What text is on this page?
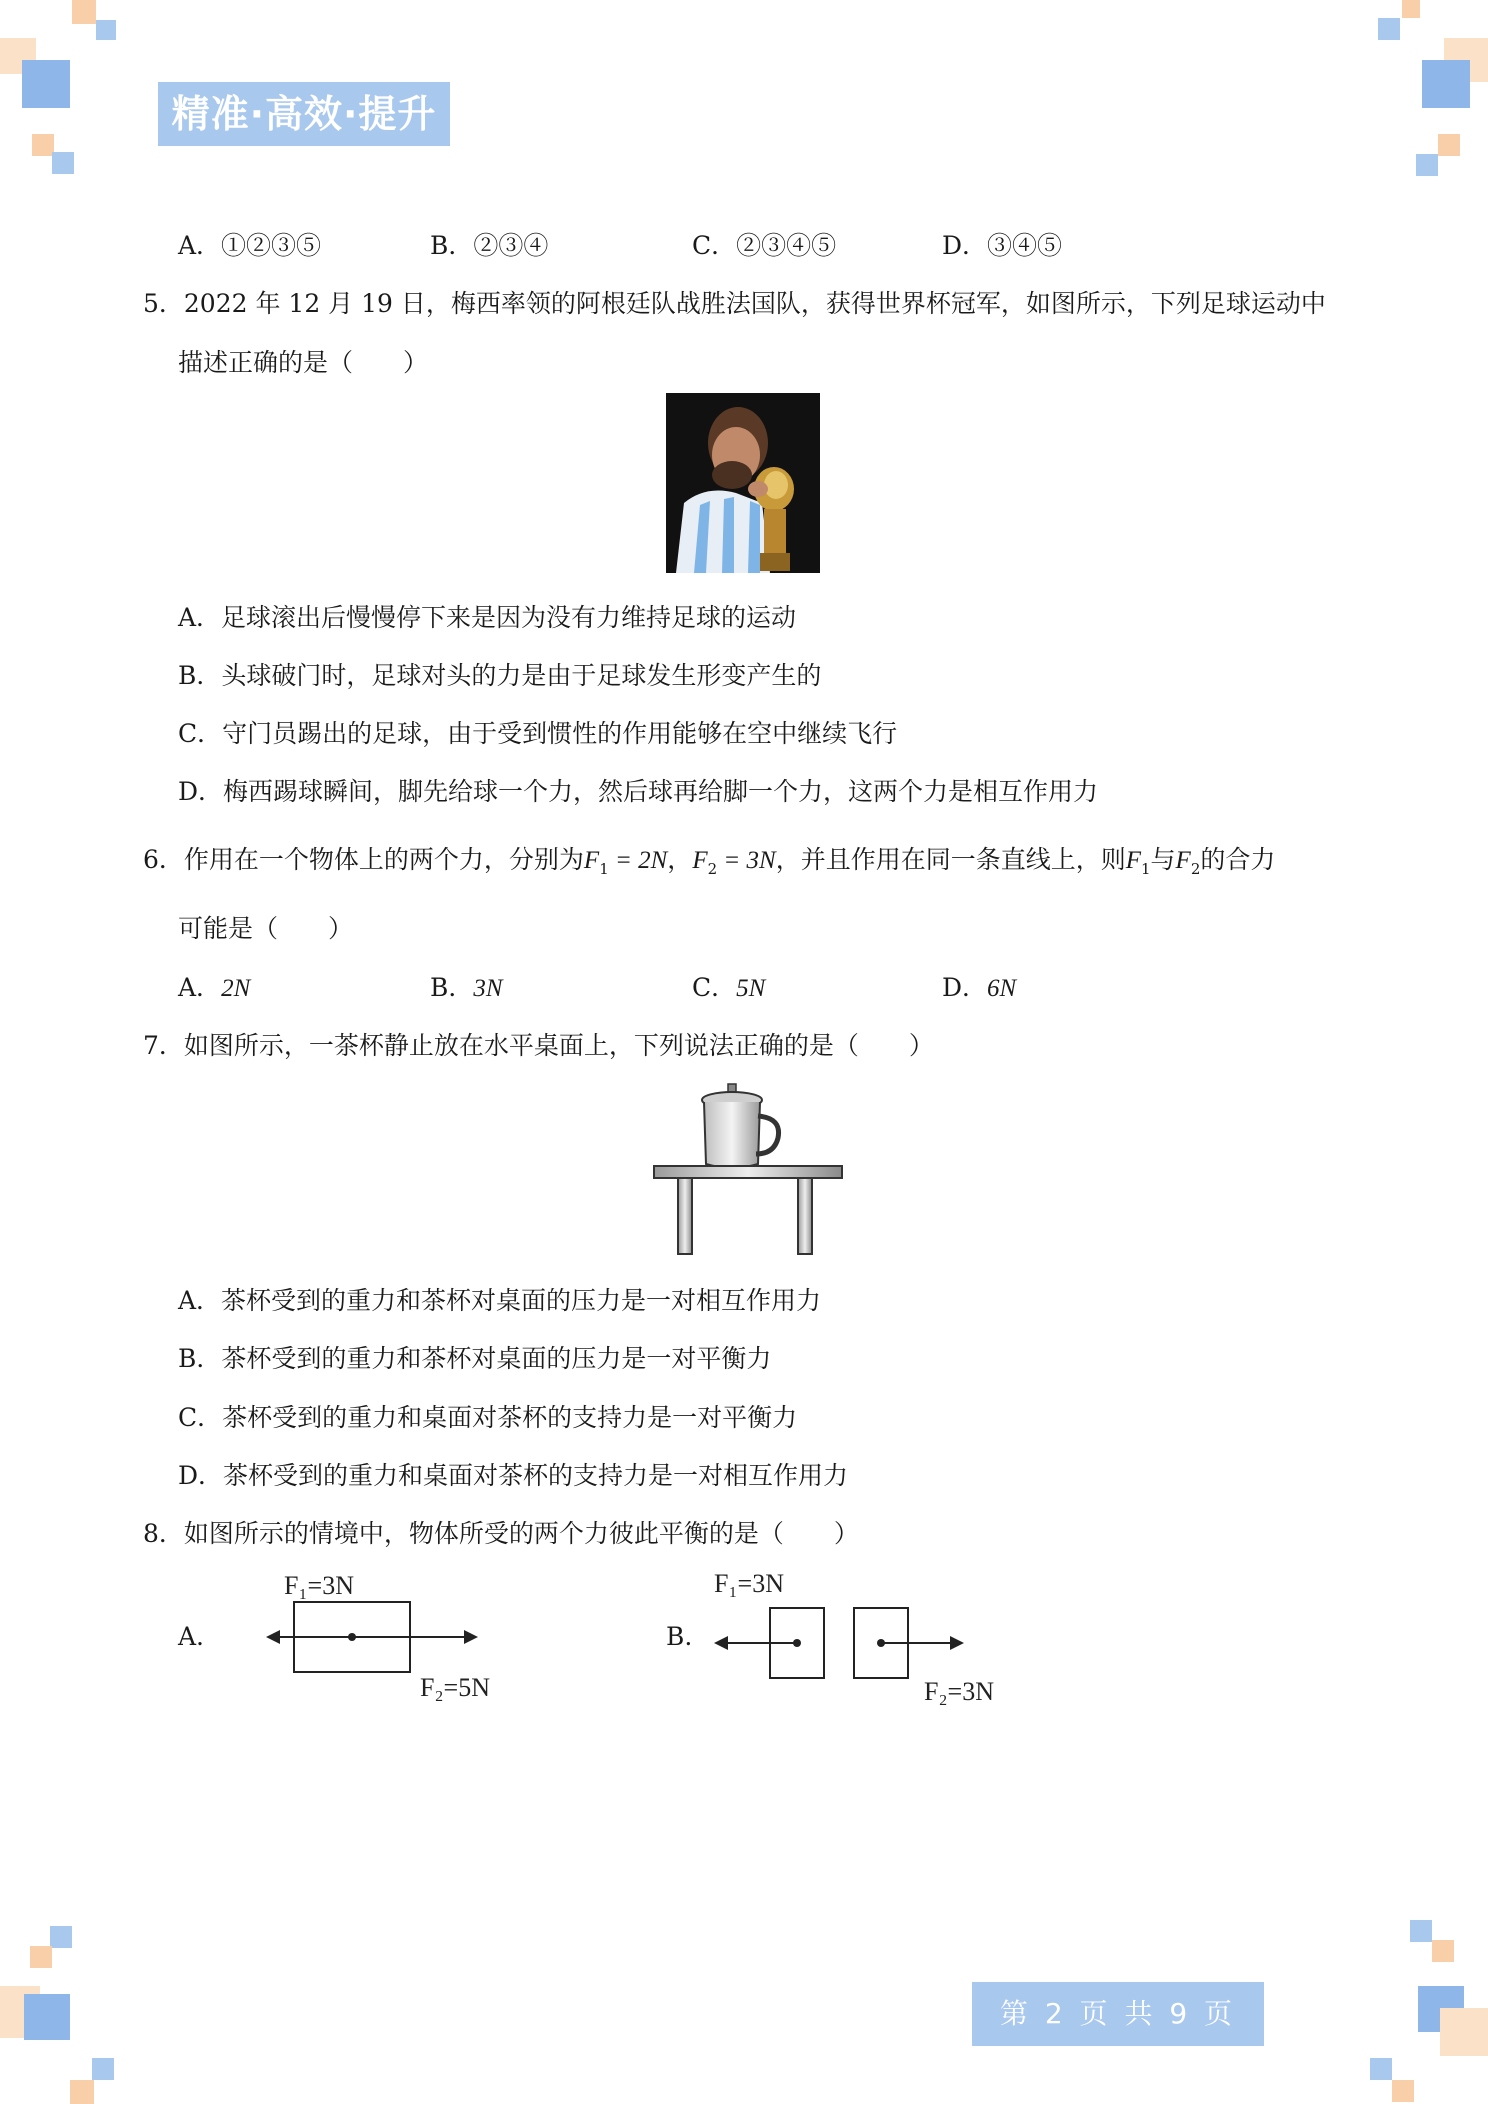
精准·高效·提升
A．①②③⑤	B．②③④	C．②③④⑤	D．③④⑤
5．2022 年 12 月 19 日，梅西率领的阿根廷队战胜法国队，获得世界杯冠军，如图所示，下列足球运动中
描述正确的是（　　）
A．足球滚出后慢慢停下来是因为没有力维持足球的运动
B．头球破门时，足球对头的力是由于足球发生形变产生的
C．守门员踢出的足球，由于受到惯性的作用能够在空中继续飞行
D．梅西踢球瞬间，脚先给球一个力，然后球再给脚一个力，这两个力是相互作用力
6．作用在一个物体上的两个力，分别为$F_1 = 2N$，$F_2 = 3N$，并且作用在同一条直线上，则$F_1$与$F_2$的合力
可能是（　　）
A．2N	B．3N	C．5N	D．6N
7．如图所示，一茶杯静止放在水平桌面上，下列说法正确的是（　　）
A．茶杯受到的重力和茶杯对桌面的压力是一对相互作用力
B．茶杯受到的重力和茶杯对桌面的压力是一对平衡力
C．茶杯受到的重力和桌面对茶杯的支持力是一对平衡力
D．茶杯受到的重力和桌面对茶杯的支持力是一对相互作用力
8．如图所示的情境中，物体所受的两个力彼此平衡的是（　　）
A.
F₁=3N
F₂=5N
B.
F₁=3N
F₂=3N
第 2 页 共 9 页
